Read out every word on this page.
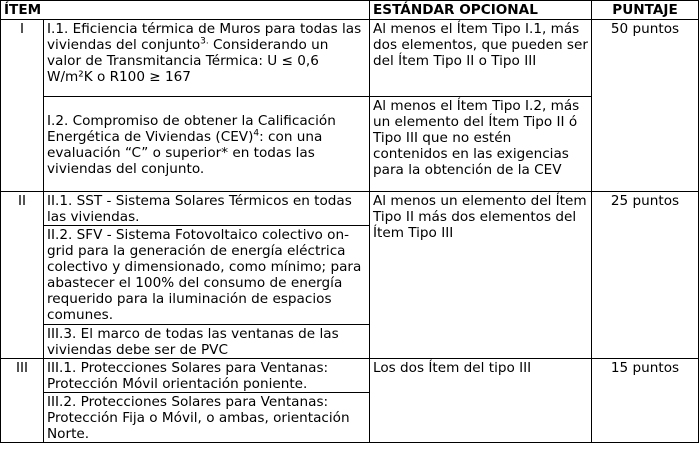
ÍTEM		ESTÁNDAR OPCIONAL	PUNTAJE
I	I.1. Eficiencia térmica de Muros para todas las viviendas del conjunto$^{3.}$ Considerando un valor de Transmitancia Térmica: U ≤ 0,6 W/m²K o R100 ≥ 167	Al menos el Ítem Tipo I.1, más dos elementos, que pueden ser del Ítem Tipo II o Tipo III	50 puntos
	I.2. Compromiso de obtener la Calificación Energética de Viviendas (CEV)$^4$: con una evaluación “C” o superior* en todas las viviendas del conjunto.	Al menos el Ítem Tipo I.2, más un elemento del Ítem Tipo II ó Tipo III que no estén contenidos en las exigencias para la obtención de la CEV	
II	II.1. SST - Sistema Solares Térmicos en todas las viviendas.	Al menos un elemento del Ítem Tipo II más dos elementos del Ítem Tipo III	25 puntos
	II.2. SFV - Sistema Fotovoltaico colectivo on-grid para la generación de energía eléctrica colectivo y dimensionado, como mínimo; para abastecer el 100% del consumo de energía requerido para la iluminación de espacios comunes.		
	III.3. El marco de todas las ventanas de las viviendas debe ser de PVC		
III	III.1. Protecciones Solares para Ventanas: Protección Móvil orientación poniente.	Los dos Ítem del tipo III	15 puntos
	III.2. Protecciones Solares para Ventanas: Protección Fija o Móvil, o ambas, orientación Norte.		
